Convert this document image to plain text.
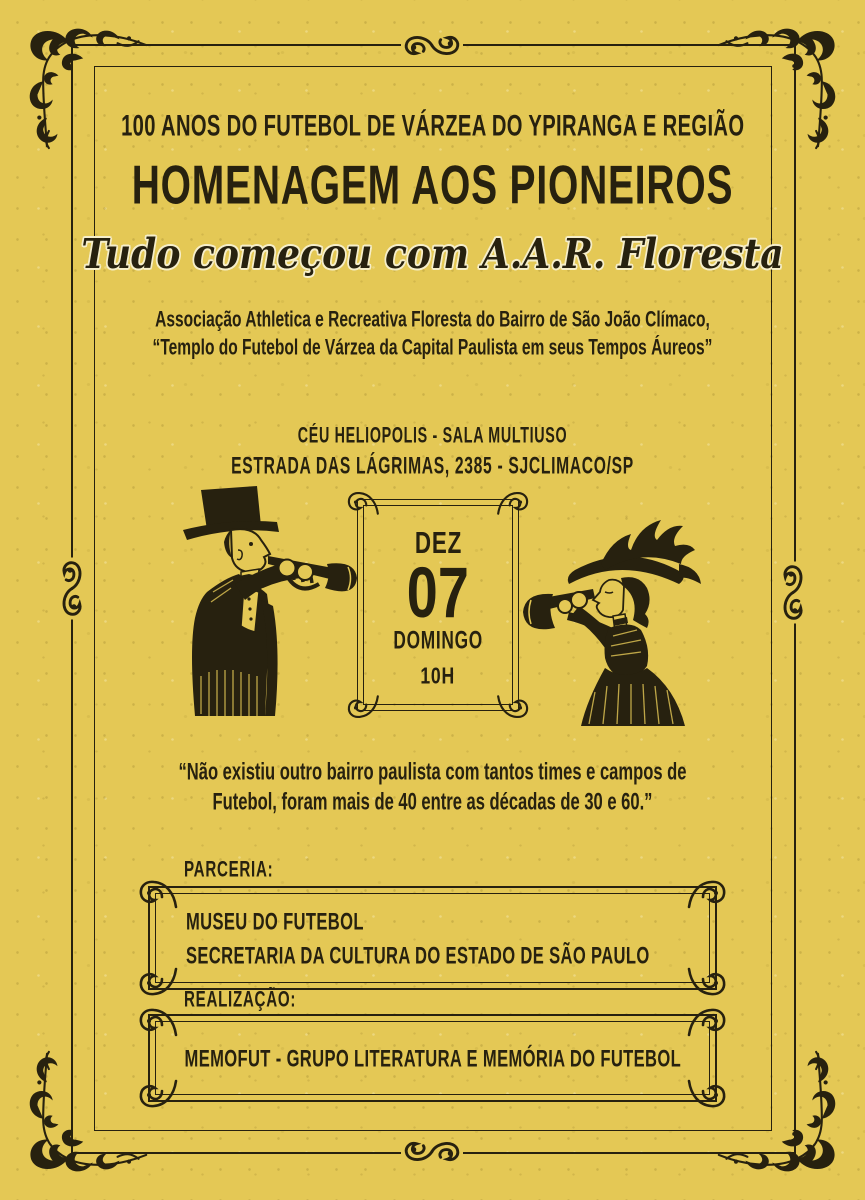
100 ANOS DO FUTEBOL DE VÁRZEA DO YPIRANGA E REGIÃO
HOMENAGEM AOS PIONEIROS
Tudo começou com A.A.R. Floresta
Associação Athletica e Recreativa Floresta do Bairro de São João Clímaco,
“Templo do Futebol de Várzea da Capital Paulista em seus Tempos Áureos”
CÉU HELIOPOLIS - SALA MULTIUSO
ESTRADA DAS LÁGRIMAS, 2385 - SJCLIMACO/SP
DEZ
07
DOMINGO
10H
“Não existiu outro bairro paulista com tantos times e campos de
Futebol, foram mais de 40 entre as décadas de 30 e 60.”
PARCERIA:
MUSEU DO FUTEBOL
SECRETARIA DA CULTURA DO ESTADO DE SÃO PAULO
REALIZAÇÃO:
MEMOFUT - GRUPO LITERATURA E MEMÓRIA DO FUTEBOL
